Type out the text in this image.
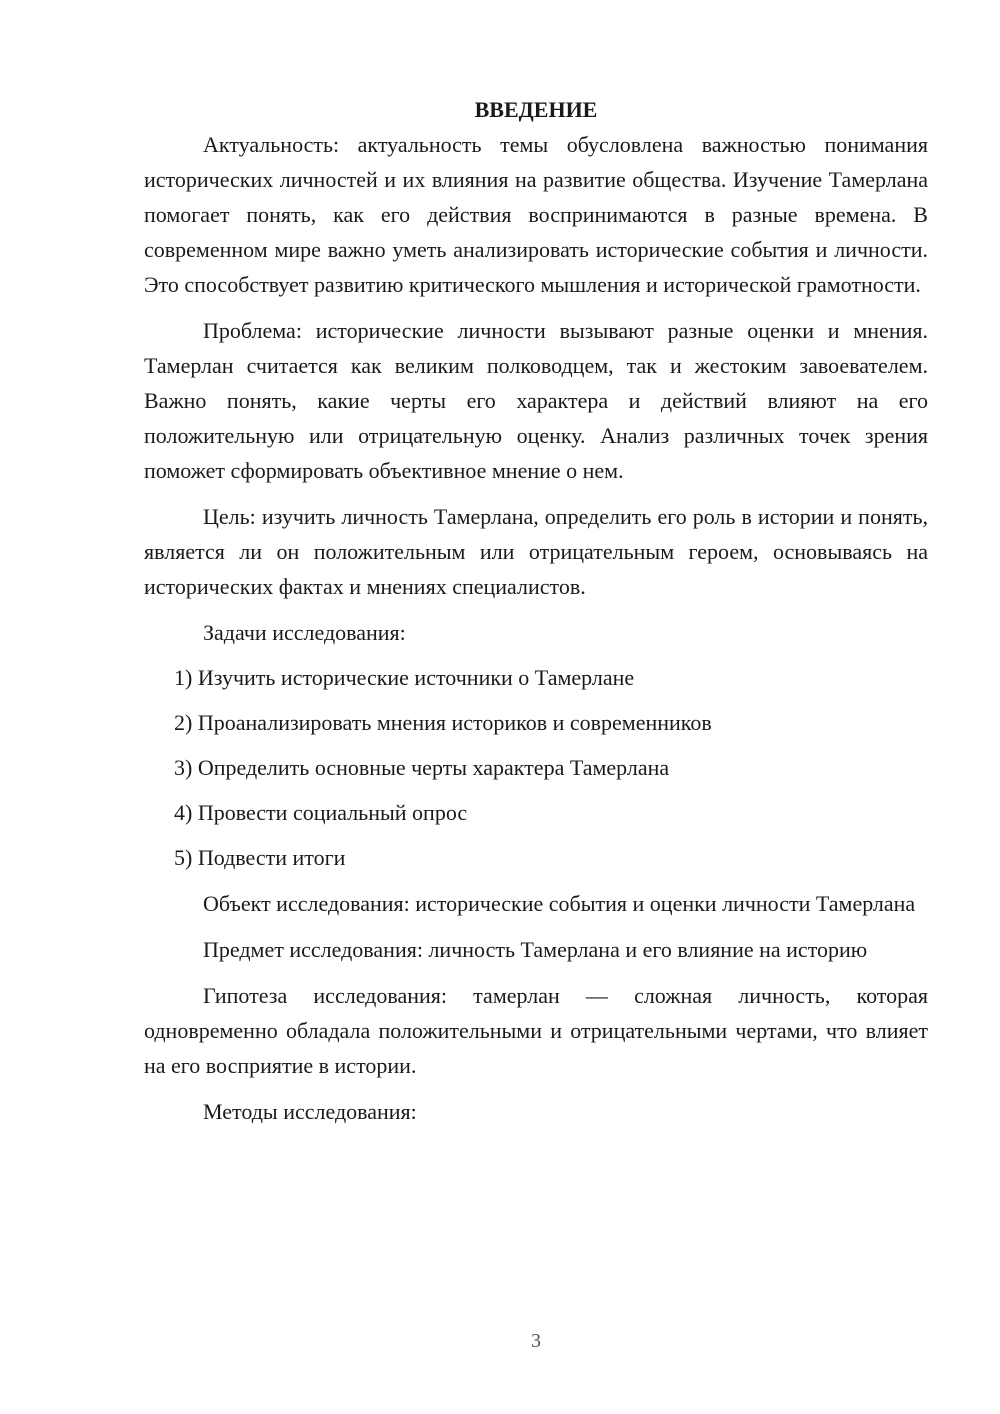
ВВЕДЕНИЕ

Актуальность: актуальность темы обусловлена важностью понимания исторических личностей и их влияния на развитие общества. Изучение Тамерлана помогает понять, как его действия воспринимаются в разные времена. В современном мире важно уметь анализировать исторические события и личности. Это способствует развитию критического мышления и исторической грамотности.

Проблема: исторические личности вызывают разные оценки и мнения. Тамерлан считается как великим полководцем, так и жестоким завоевателем. Важно понять, какие черты его характера и действий влияют на его положительную или отрицательную оценку. Анализ различных точек зрения поможет сформировать объективное мнение о нем.

Цель: изучить личность Тамерлана, определить его роль в истории и понять, является ли он положительным или отрицательным героем, основываясь на исторических фактах и мнениях специалистов.

Задачи исследования:

1) Изучить исторические источники о Тамерлане

2) Проанализировать мнения историков и современников

3) Определить основные черты характера Тамерлана

4) Провести социальный опрос

5) Подвести итоги

Объект исследования: исторические события и оценки личности Тамерлана

Предмет исследования: личность Тамерлана и его влияние на историю

Гипотеза исследования: тамерлан — сложная личность, которая одновременно обладала положительными и отрицательными чертами, что влияет на его восприятие в истории.

Методы исследования:

3
